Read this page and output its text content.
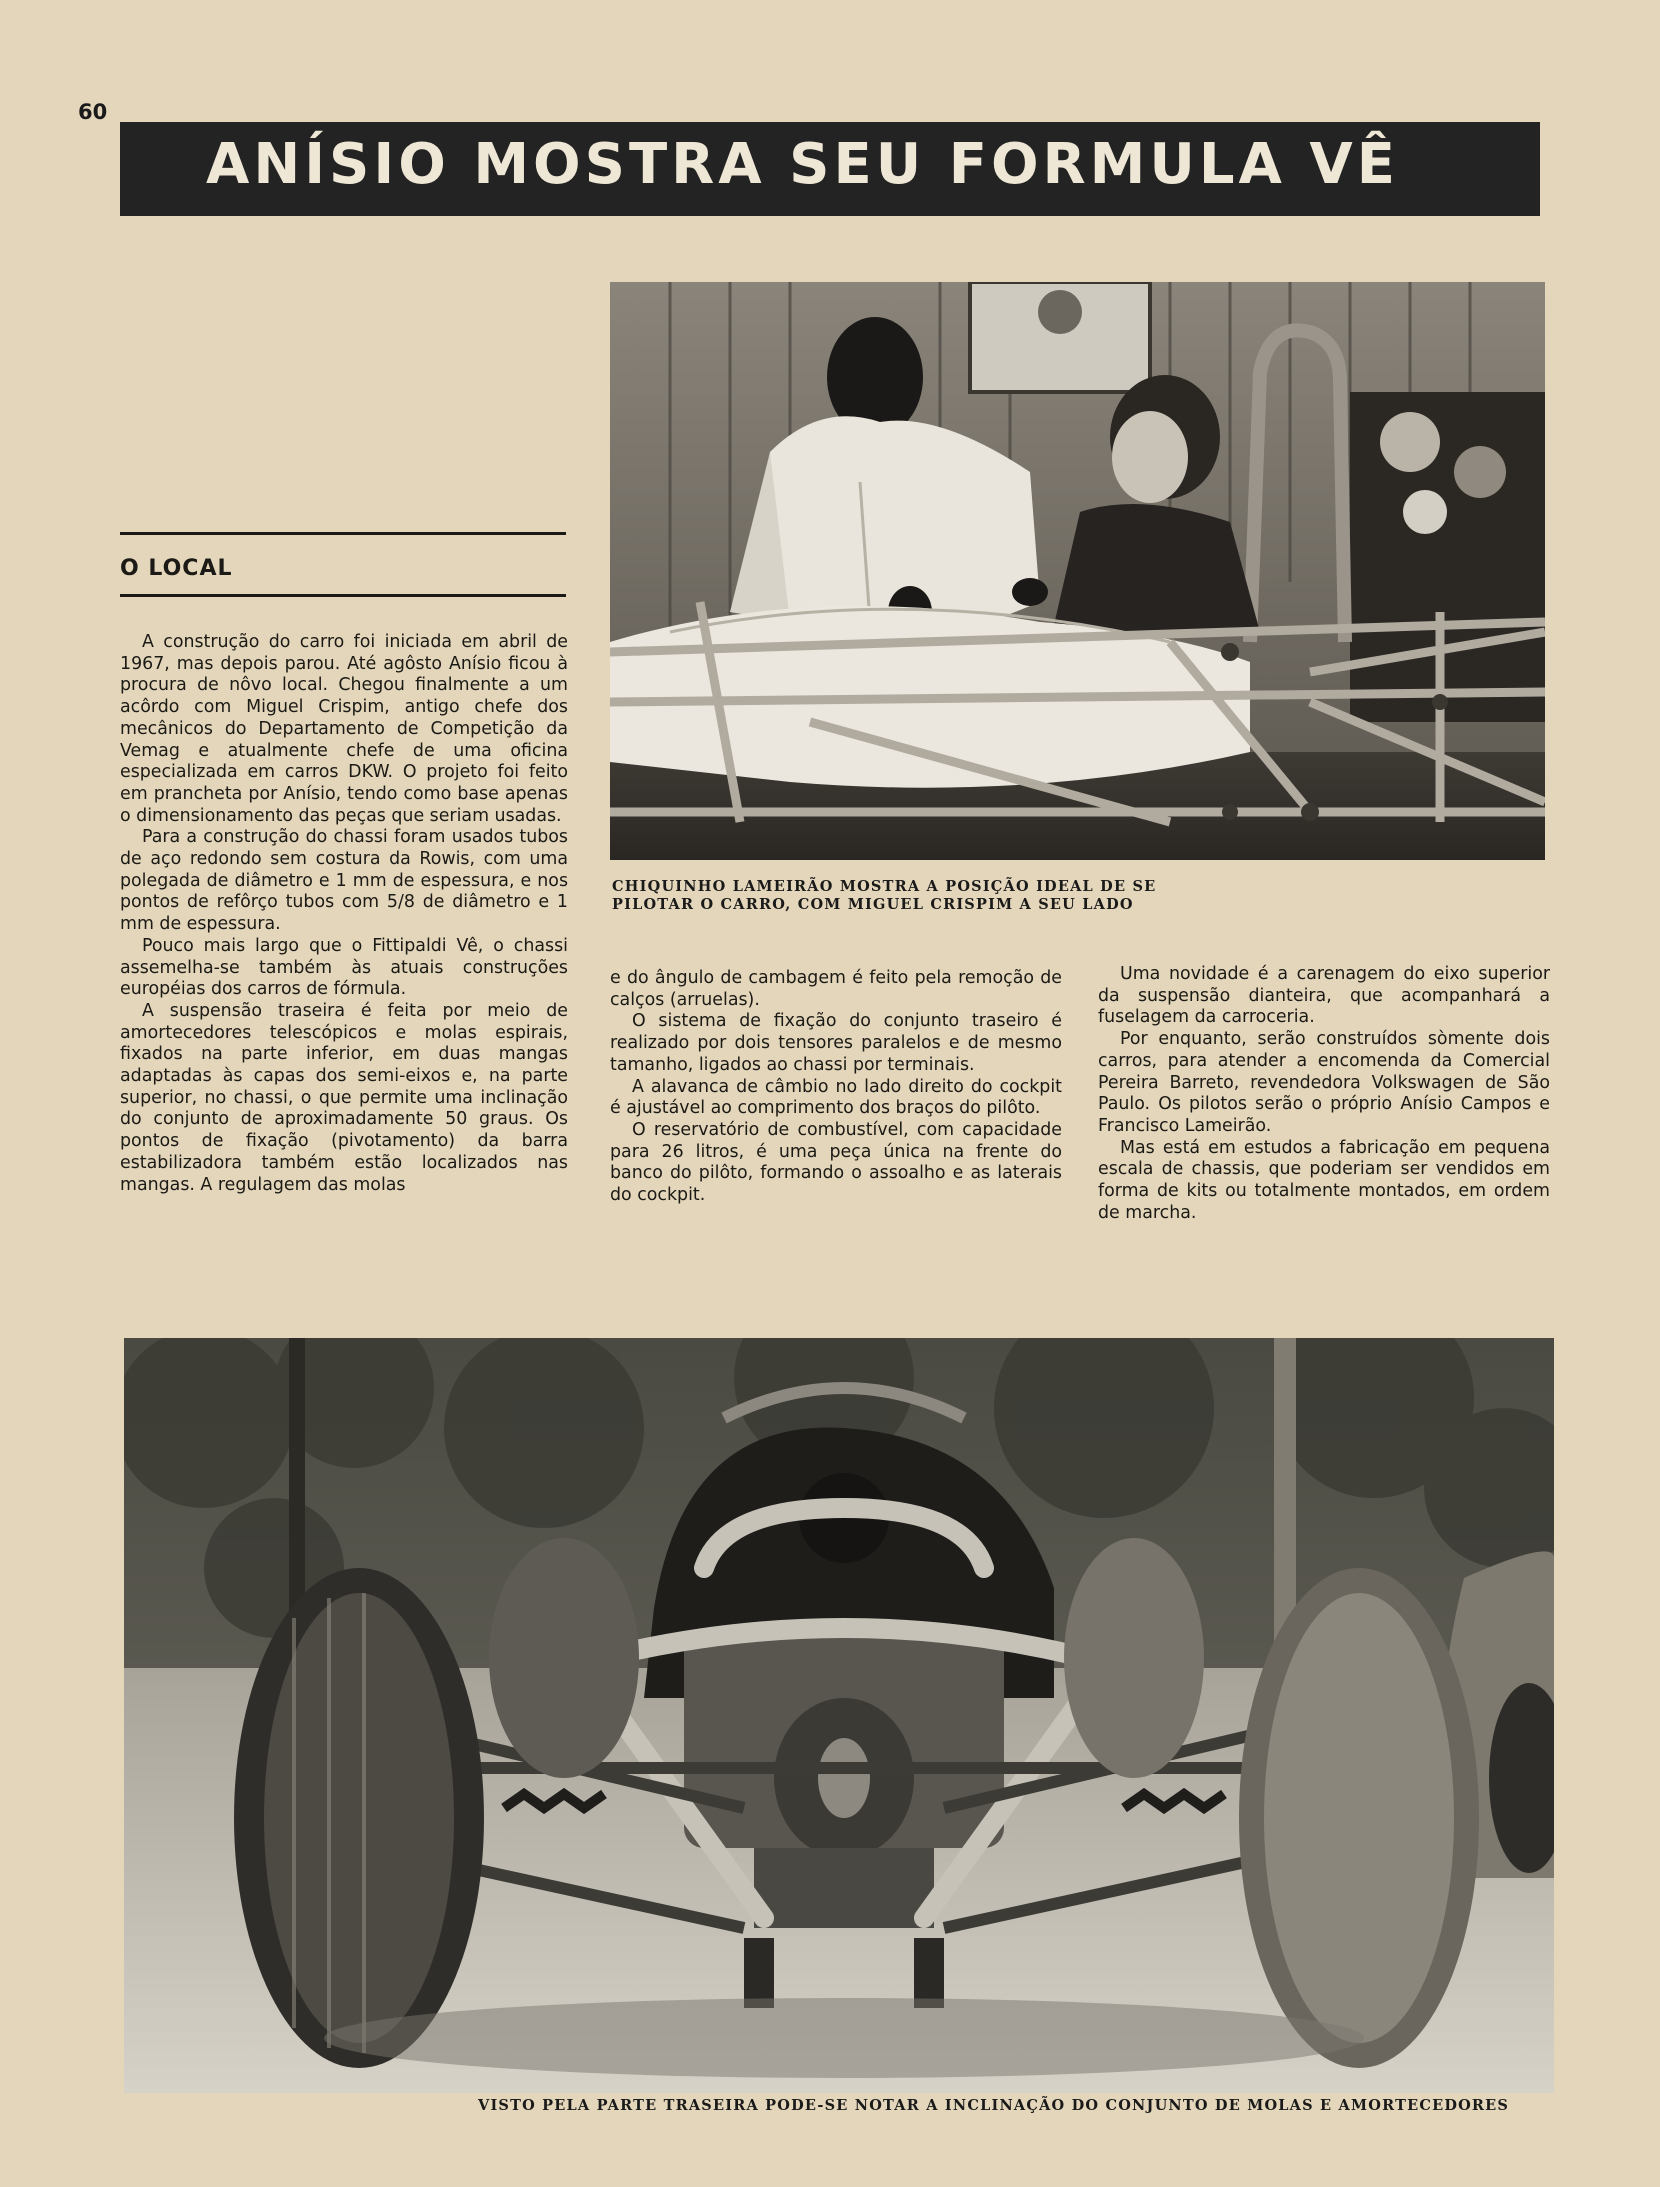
60
ANÍSIO MOSTRA SEU FORMULA VÊ
CHIQUINHO LAMEIRÃO MOSTRA A POSIÇÃO IDEAL DE SE PILOTAR O CARRO, COM MIGUEL CRISPIM A SEU LADO
O LOCAL

A construção do carro foi iniciada em abril de 1967, mas depois parou. Até agôsto Anísio ficou à procura de nôvo local. Chegou finalmente a um acôrdo com Miguel Crispim, antigo chefe dos mecânicos do Departamento de Competição da Vemag e atualmente chefe de uma oficina especializada em carros DKW. O projeto foi feito em prancheta por Anísio, tendo como base apenas o dimensionamento das peças que seriam usadas.

Para a construção do chassi foram usados tubos de aço redondo sem costura da Rowis, com uma polegada de diâmetro e 1 mm de espessura, e nos pontos de refôrço tubos com 5/8 de diâmetro e 1 mm de espessura.

Pouco mais largo que o Fittipaldi Vê, o chassi assemelha-se também às atuais construções européias dos carros de fórmula.

A suspensão traseira é feita por meio de amortecedores telescópicos e molas espirais, fixados na parte inferior, em duas mangas adaptadas às capas dos semi-eixos e, na parte superior, no chassi, o que permite uma inclinação do conjunto de aproximadamente 50 graus. Os pontos de fixação (pivotamento) da barra estabilizadora também estão localizados nas mangas. A regulagem das molas

e do ângulo de cambagem é feito pela remoção de calços (arruelas).

O sistema de fixação do conjunto traseiro é realizado por dois tensores paralelos e de mesmo tamanho, ligados ao chassi por terminais.

A alavanca de câmbio no lado direito do cockpit é ajustável ao comprimento dos braços do pilôto.

O reservatório de combustível, com capacidade para 26 litros, é uma peça única na frente do banco do pilôto, formando o assoalho e as laterais do cockpit.

Uma novidade é a carenagem do eixo superior da suspensão dianteira, que acompanhará a fuselagem da carroceria.

Por enquanto, serão construídos sòmente dois carros, para atender a encomenda da Comercial Pereira Barreto, revendedora Volkswagen de São Paulo. Os pilotos serão o próprio Anísio Campos e Francisco Lameirão.

Mas está em estudos a fabricação em pequena escala de chassis, que poderiam ser vendidos em forma de kits ou totalmente montados, em ordem de marcha.

VISTO PELA PARTE TRASEIRA PODE-SE NOTAR A INCLINAÇÃO DO CONJUNTO DE MOLAS E AMORTECEDORES
